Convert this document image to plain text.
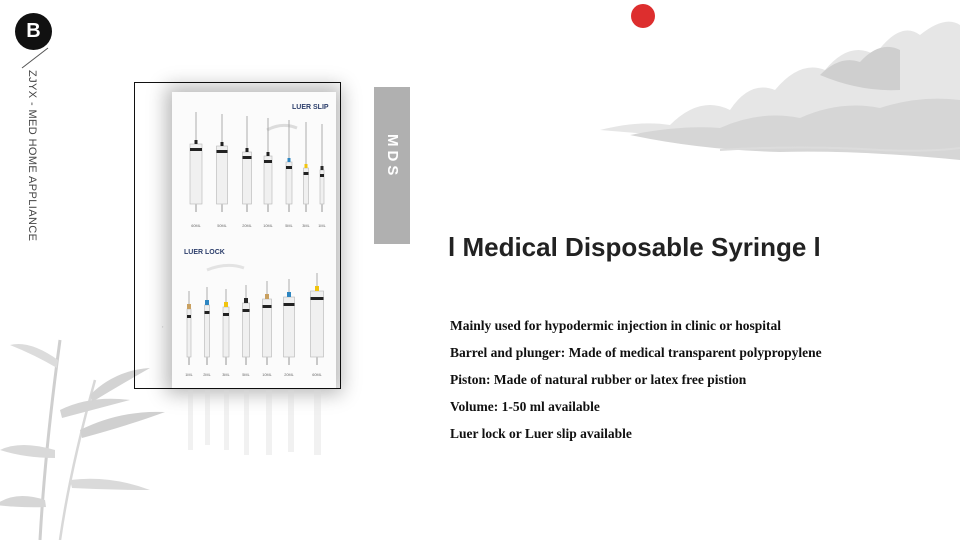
B
ZJYX - MED HOME APPLIANCE	LUER SLIP
LUER LOCK
60ML	50ML	20ML	10ML	5ML	3ML 1ML
1ML	2ML	3ML	5ML	10ML	20ML	60ML
'
MDS
l Medical Disposable Syringe l
Mainly used for hypodermic injection in clinic or hospital
Barrel and plunger: Made of medical transparent polypropylene
Piston: Made of natural rubber or latex free pistion
Volume: 1-50 ml available
Luer lock or Luer slip available
